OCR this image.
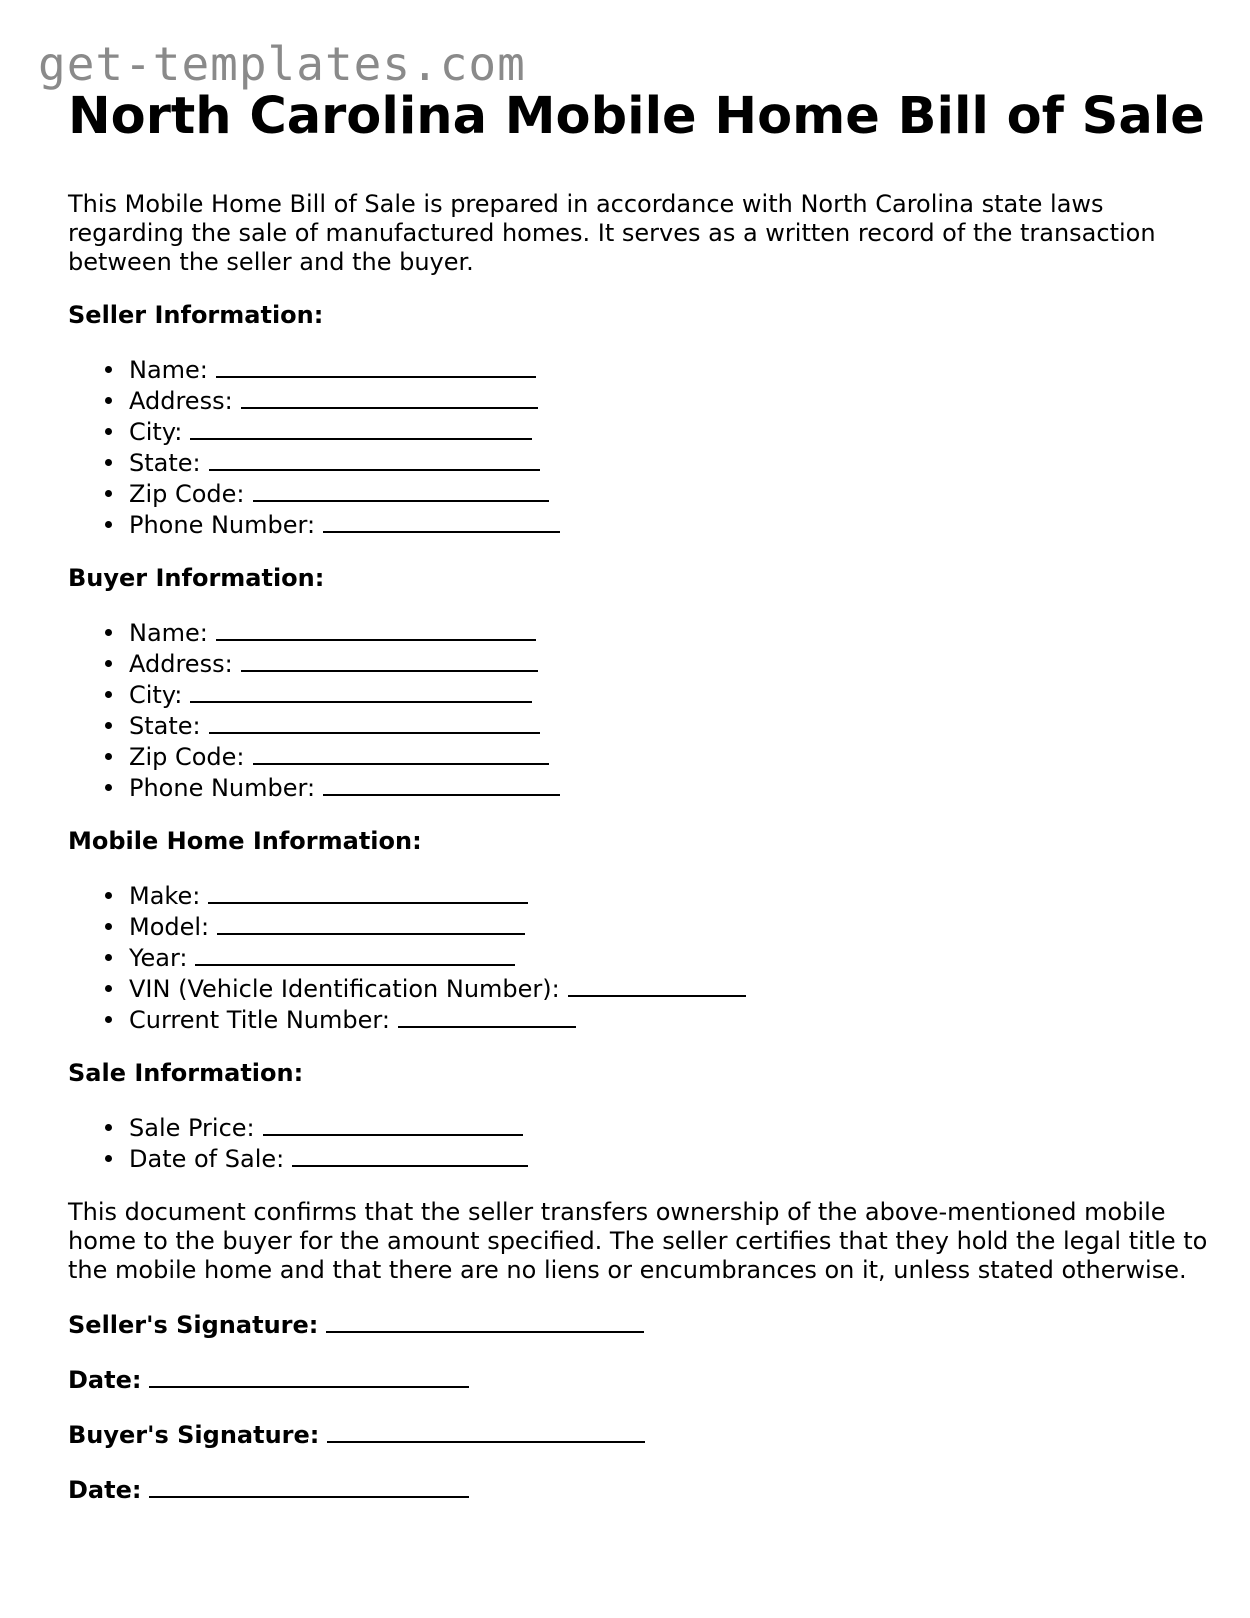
get-templates.com
North Carolina Mobile Home Bill of Sale

This Mobile Home Bill of Sale is prepared in accordance with North Carolina state laws regarding the sale of manufactured homes. It serves as a written record of the transaction between the seller and the buyer.

Seller Information:

Name:
Address:
City:
State:
Zip Code:
Phone Number:

Buyer Information:

Name:
Address:
City:
State:
Zip Code:
Phone Number:

Mobile Home Information:

Make:
Model:
Year:
VIN (Vehicle Identification Number):
Current Title Number:

Sale Information:

Sale Price:
Date of Sale:

This document confirms that the seller transfers ownership of the above-mentioned mobile home to the buyer for the amount specified. The seller certifies that they hold the legal title to the mobile home and that there are no liens or encumbrances on it, unless stated otherwise.

Seller's Signature:

Date:

Buyer's Signature:

Date:
